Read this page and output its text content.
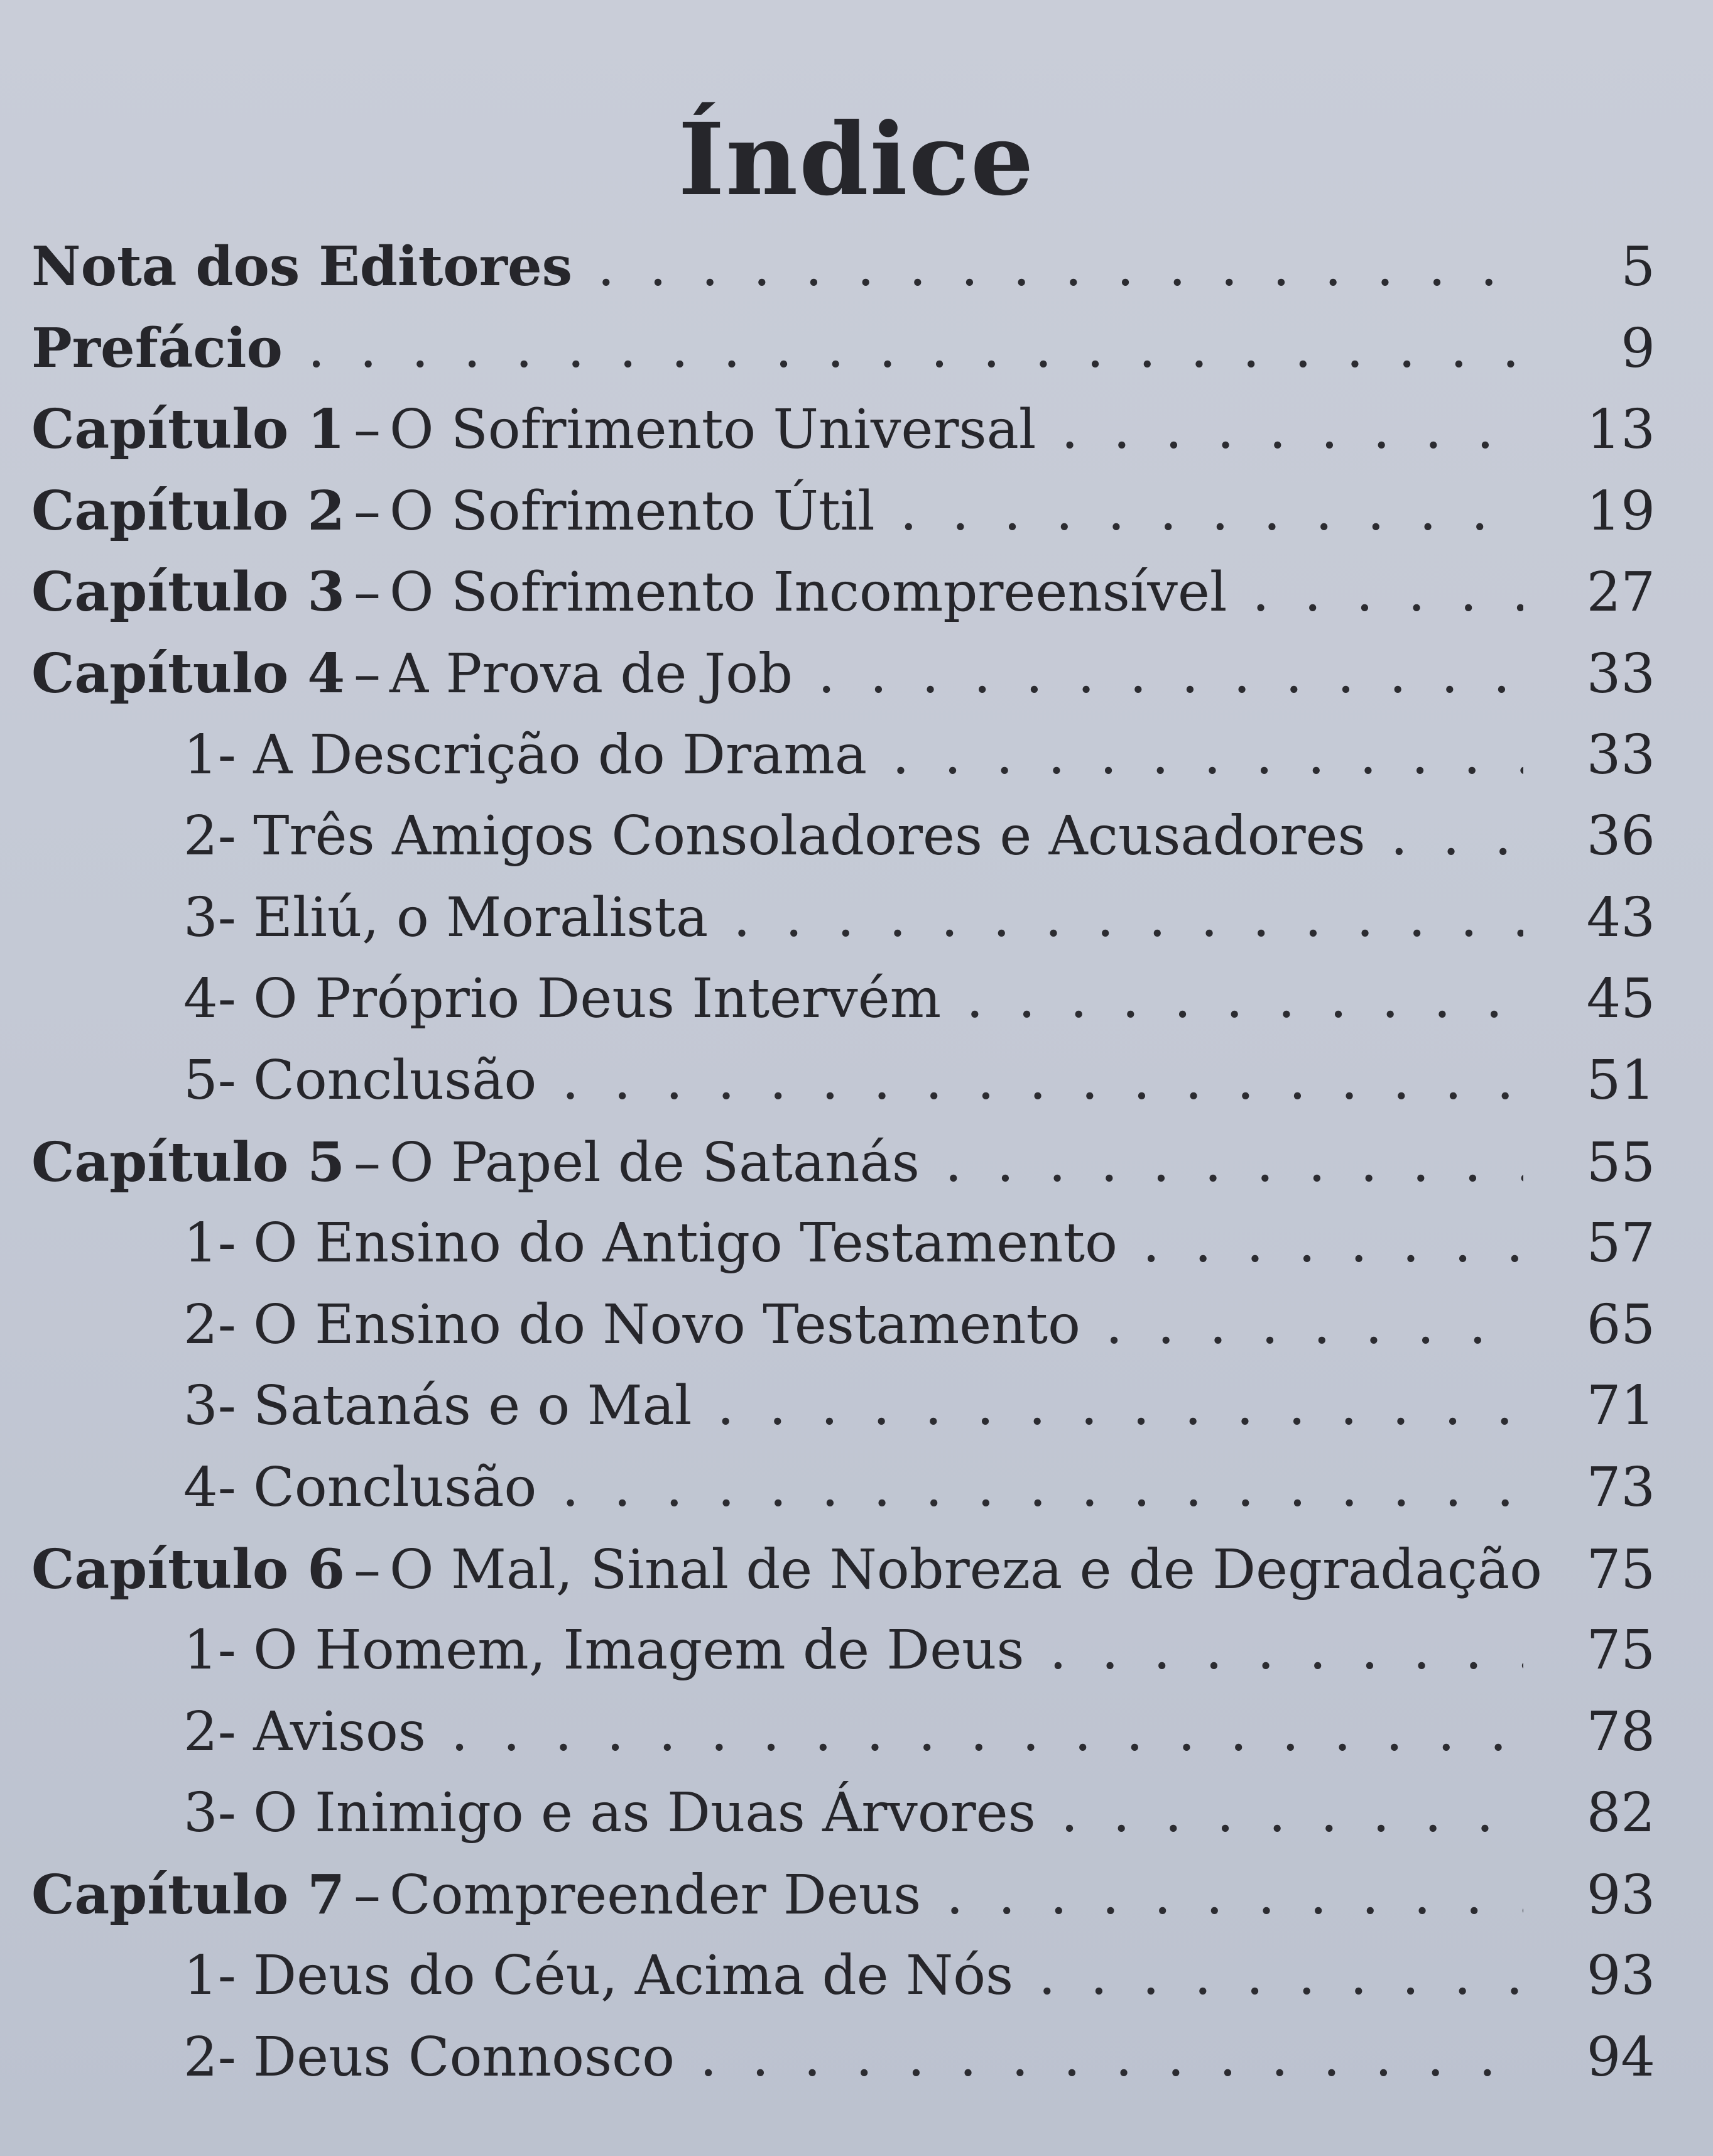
Índice
Nota dos Editores . . .	5
Prefácio . . .	9
Capítulo 1 – O Sofrimento Universal . . .	13
Capítulo 2 – O Sofrimento Útil . . .	19
Capítulo 3 – O Sofrimento Incompreensível . . .	27
Capítulo 4 – A Prova de Job . . .	33
1- A Descrição do Drama . . .	33
2- Três Amigos Consoladores e Acusadores . . .	36
3- Eliú, o Moralista . . .	43
4- O Próprio Deus Intervém . . .	45
5- Conclusão . . .	51
Capítulo 5 – O Papel de Satanás . . .	55
1- O Ensino do Antigo Testamento . . .	57
2- O Ensino do Novo Testamento . . .	65
3- Satanás e o Mal . . .	71
4- Conclusão . . .	73
Capítulo 6 – O Mal, Sinal de Nobreza e de Degradação 75
1- O Homem, Imagem de Deus . . .	75
2- Avisos . . .	78
3- O Inimigo e as Duas Árvores . . .	82
Capítulo 7 – Compreender Deus . . .	93
1- Deus do Céu, Acima de Nós . . .	93
2- Deus Connosco . . .	94
